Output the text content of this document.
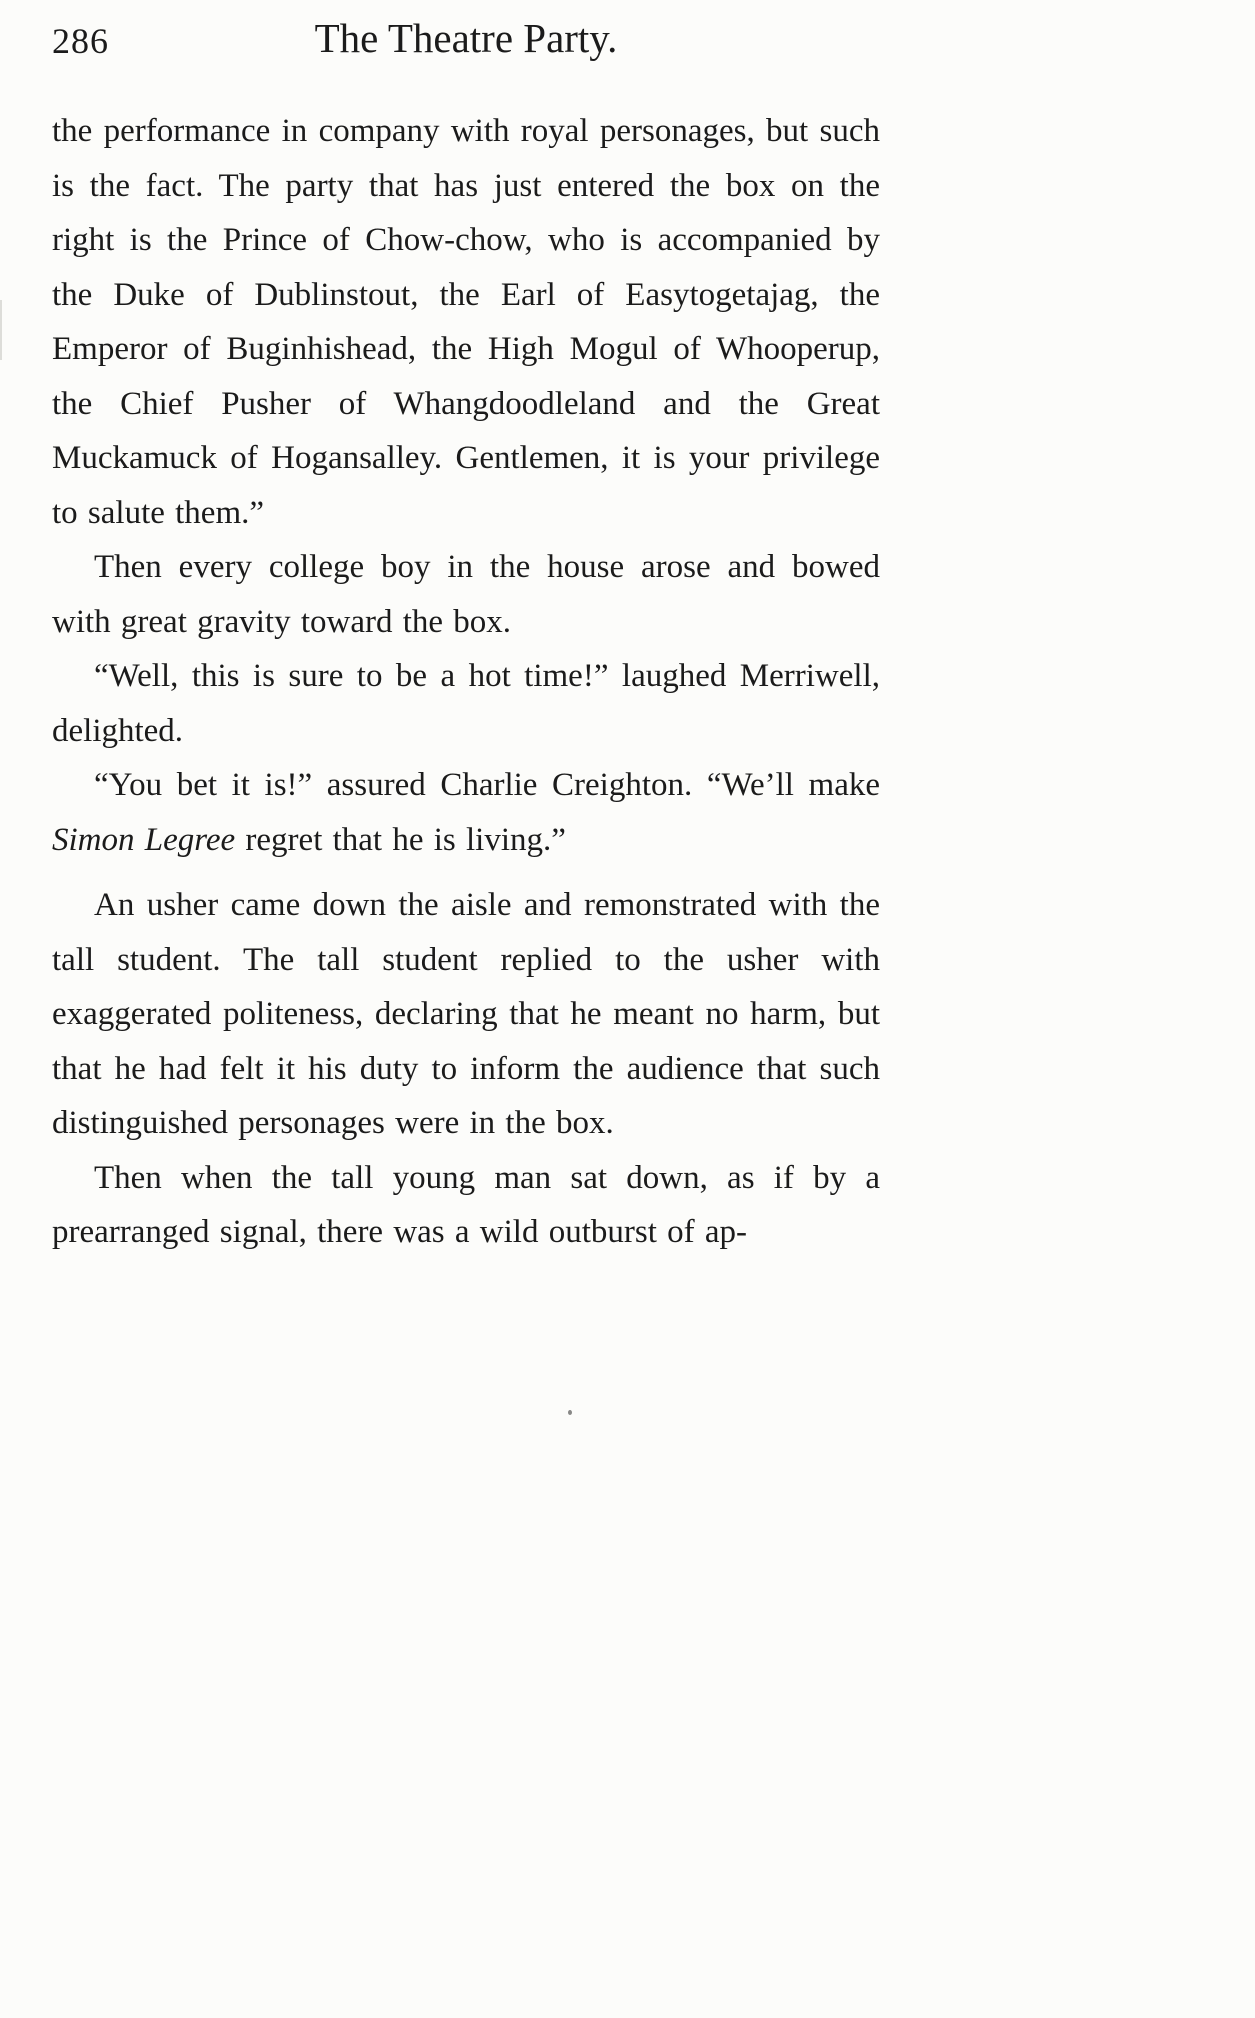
286	The Theatre Party.

the performance in company with royal personages, but such is the fact. The party that has just entered the box on the right is the Prince of Chow-chow, who is accompanied by the Duke of Dublinstout, the Earl of Easytogetajag, the Emperor of Buginhishead, the High Mogul of Whooperup, the Chief Pusher of Whangdoodleland and the Great Muckamuck of Hogansalley. Gentlemen, it is your privilege to salute them.”

Then every college boy in the house arose and bowed with great gravity toward the box.

“Well, this is sure to be a hot time!” laughed Merriwell, delighted.

“You bet it is!” assured Charlie Creighton. “We’ll make Simon Legree regret that he is living.”

An usher came down the aisle and remonstrated with the tall student. The tall student replied to the usher with exaggerated politeness, declaring that he meant no harm, but that he had felt it his duty to inform the audience that such distinguished personages were in the box.

Then when the tall young man sat down, as if by a prearranged signal, there was a wild outburst of ap-
